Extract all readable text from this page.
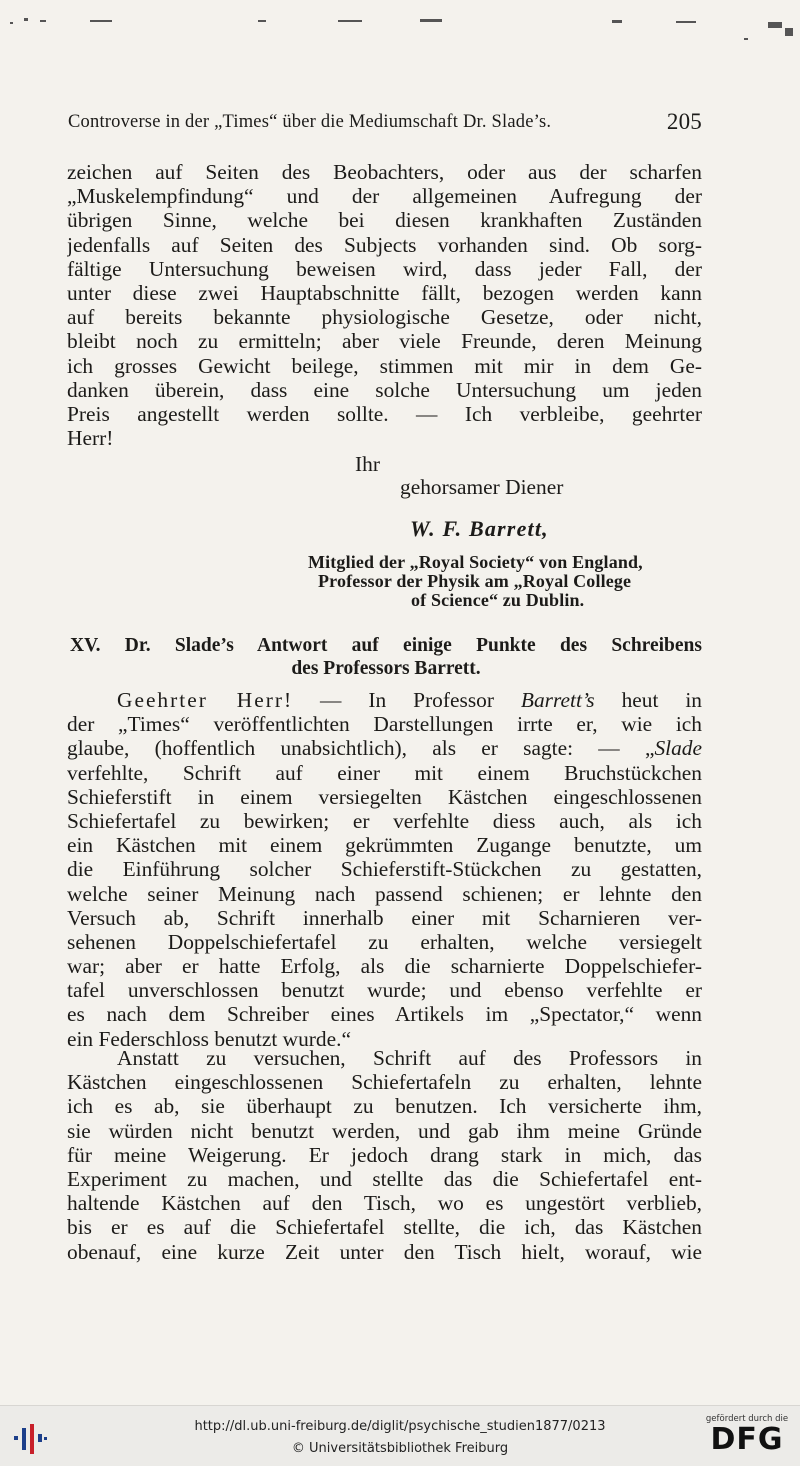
Controverse in der „Times“ über die Mediumschaft Dr. Slade’s.	205
zeichen auf Seiten des Beobachters, oder aus der scharfen
„Muskelempfindung“ und der allgemeinen Aufregung der
übrigen Sinne, welche bei diesen krankhaften Zuständen
jedenfalls auf Seiten des Subjects vorhanden sind. Ob sorg-
fältige Untersuchung beweisen wird, dass jeder Fall, der
unter diese zwei Hauptabschnitte fällt, bezogen werden kann
auf bereits bekannte physiologische Gesetze, oder nicht,
bleibt noch zu ermitteln; aber viele Freunde, deren Meinung
ich grosses Gewicht beilege, stimmen mit mir in dem Ge-
danken überein, dass eine solche Untersuchung um jeden
Preis angestellt werden sollte. — Ich verbleibe, geehrter
Herr!
Ihr
gehorsamer Diener
W. F. Barrett,
Mitglied der „Royal Society“ von England,
Professor der Physik am „Royal College
of Science“ zu Dublin.
XV. Dr. Slade’s Antwort auf einige Punkte des Schreibens
des Professors Barrett.
Geehrter Herr! — In Professor Barrett’s heut in
der „Times“ veröffentlichten Darstellungen irrte er, wie ich
glaube, (hoffentlich unabsichtlich), als er sagte: — „Slade
verfehlte, Schrift auf einer mit einem Bruchstückchen
Schieferstift in einem versiegelten Kästchen eingeschlossenen
Schiefertafel zu bewirken; er verfehlte diess auch, als ich
ein Kästchen mit einem gekrümmten Zugange benutzte, um
die Einführung solcher Schieferstift-Stückchen zu gestatten,
welche seiner Meinung nach passend schienen; er lehnte den
Versuch ab, Schrift innerhalb einer mit Scharnieren ver-
sehenen Doppelschiefertafel zu erhalten, welche versiegelt
war; aber er hatte Erfolg, als die scharnierte Doppelschiefer-
tafel unverschlossen benutzt wurde; und ebenso verfehlte er
es nach dem Schreiber eines Artikels im „Spectator,“ wenn
ein Federschloss benutzt wurde.“
Anstatt zu versuchen, Schrift auf des Professors in
Kästchen eingeschlossenen Schiefertafeln zu erhalten, lehnte
ich es ab, sie überhaupt zu benutzen. Ich versicherte ihm,
sie würden nicht benutzt werden, und gab ihm meine Gründe
für meine Weigerung. Er jedoch drang stark in mich, das
Experiment zu machen, und stellte das die Schiefertafel ent-
haltende Kästchen auf den Tisch, wo es ungestört verblieb,
bis er es auf die Schiefertafel stellte, die ich, das Kästchen
obenauf, eine kurze Zeit unter den Tisch hielt, worauf, wie
http://dl.ub.uni-freiburg.de/diglit/psychische_studien1877/0213
© Universitätsbibliothek Freiburg
gefördert durch die
DFG
